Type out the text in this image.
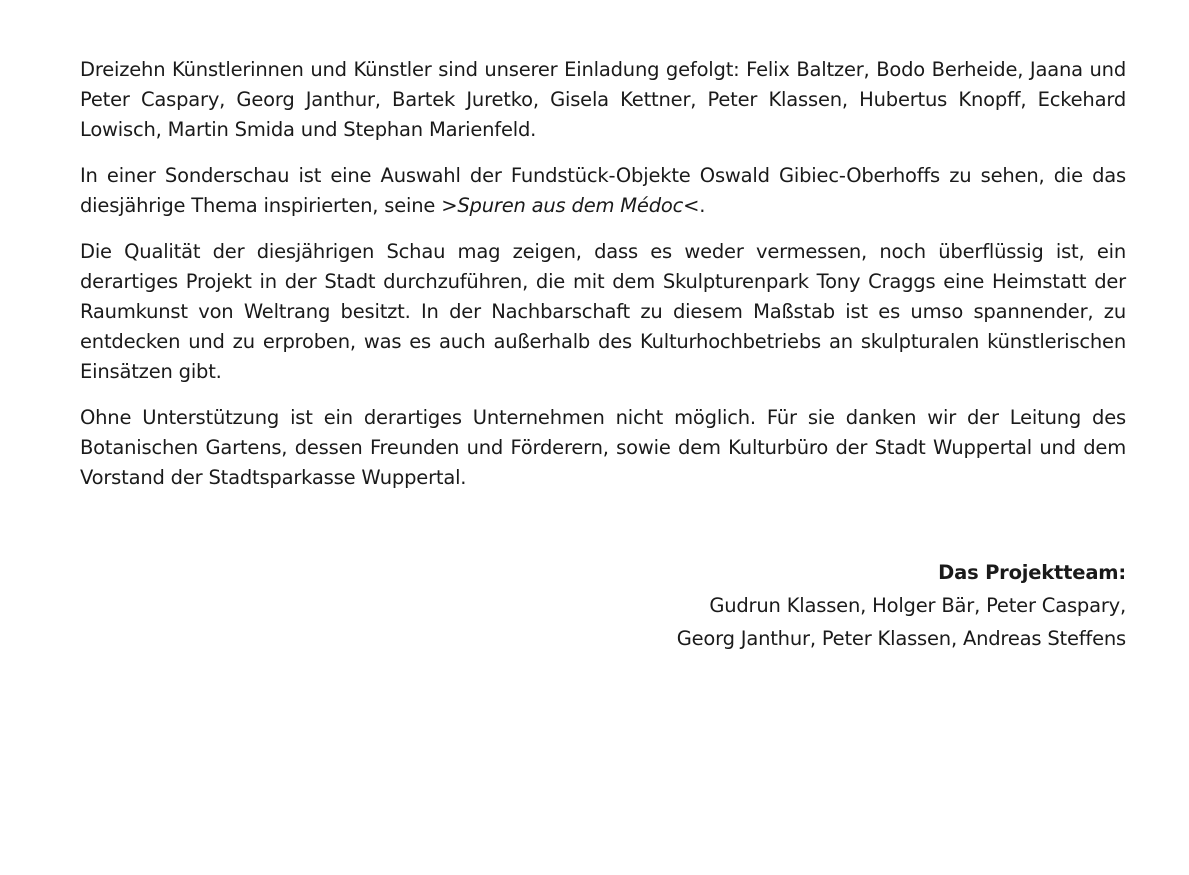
Dreizehn Künstlerinnen und Künstler sind unserer Einladung gefolgt: Felix Baltzer, Bodo Berheide, Jaana und Peter Caspary, Georg Janthur, Bartek Juretko, Gisela Kettner, Peter Klassen, Hubertus Knopff, Eckehard Lowisch, Martin Smida und Stephan Marienfeld.

In einer Sonderschau ist eine Auswahl der Fundstück-Objekte Oswald Gibiec-Oberhoffs zu sehen, die das diesjährige Thema inspirierten, seine >Spuren aus dem Médoc<.

Die Qualität der diesjährigen Schau mag zeigen, dass es weder vermessen, noch überflüssig ist, ein derartiges Projekt in der Stadt durchzuführen, die mit dem Skulpturenpark Tony Craggs eine Heimstatt der Raumkunst von Weltrang besitzt. In der Nachbarschaft zu diesem Maßstab ist es umso spannender, zu entdecken und zu erproben, was es auch außerhalb des Kulturhochbetriebs an skulpturalen künstlerischen Einsätzen gibt.

Ohne Unterstützung ist ein derartiges Unternehmen nicht möglich. Für sie danken wir der Leitung des Botanischen Gartens, dessen Freunden und Förderern, sowie dem Kulturbüro der Stadt Wuppertal und dem Vorstand der Stadtsparkasse Wuppertal.

Das Projektteam:
Gudrun Klassen, Holger Bär, Peter Caspary,
Georg Janthur, Peter Klassen, Andreas Steffens
